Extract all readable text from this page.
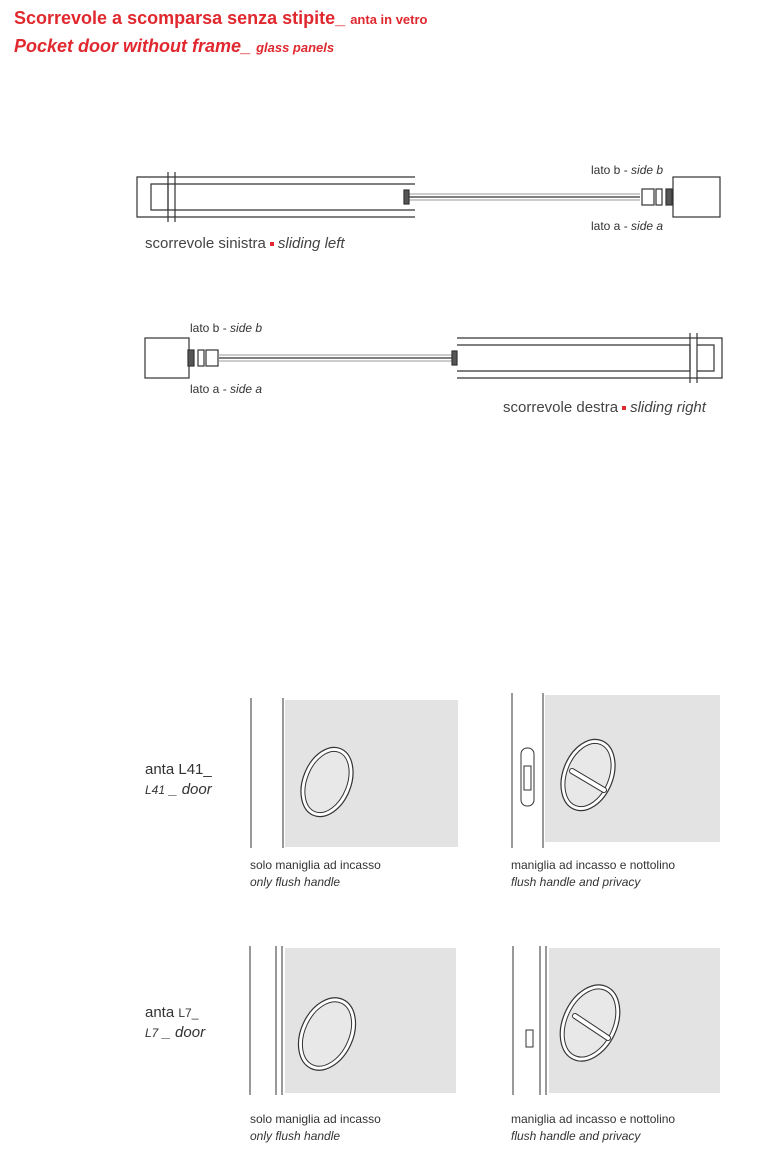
Scorrevole a scomparsa senza stipite_ anta in vetro
Pocket door without frame_ glass panels
lato b - side b
lato a - side a
scorrevole sinistra sliding left
lato b - side b
lato a - side a
scorrevole destra sliding right
anta L41_
L41 _ door
anta L7_
L7 _ door
solo maniglia ad incasso
only flush handle
maniglia ad incasso e nottolino
flush handle and privacy
solo maniglia ad incasso
only flush handle
maniglia ad incasso e nottolino
flush handle and privacy
